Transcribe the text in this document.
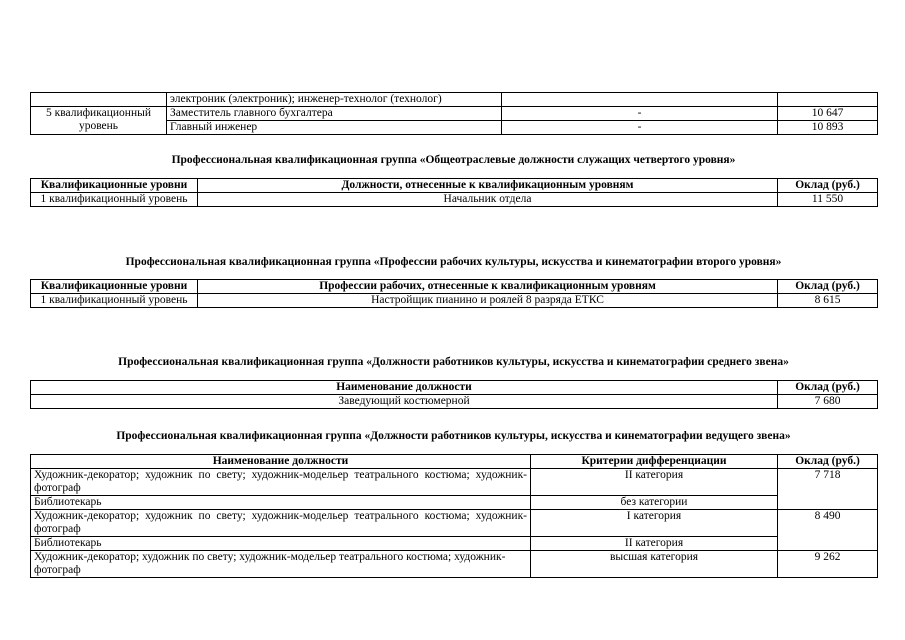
	электроник (электроник); инженер-технолог (технолог)		
5 квалификационный уровень	Заместитель главного бухгалтера	-	10 647
	Главный инженер	-	10 893
Профессиональная квалификационная группа «Общеотраслевые должности служащих четвертого уровня»
Квалификационные уровни	Должности, отнесенные к квалификационным уровням	Оклад (руб.)
1 квалификационный уровень	Начальник отдела	11 550
Профессиональная квалификационная группа «Профессии рабочих культуры, искусства и кинематографии второго уровня»
Квалификационные уровни	Профессии рабочих, отнесенные к квалификационным уровням	Оклад (руб.)
1 квалификационный уровень	Настройщик пианино и роялей 8 разряда ЕТКС	8 615
Профессиональная квалификационная группа «Должности работников культуры, искусства и кинематографии среднего звена»
Наименование должности	Оклад (руб.)
Заведующий костюмерной	7 680
Профессиональная квалификационная группа «Должности работников культуры, искусства и кинематографии ведущего звена»
Наименование должности	Критерии дифференциации	Оклад (руб.)
Художник-декоратор; художник по свету; художник-модельер театрального костюма; художник-фотограф	II категория	7 718
Библиотекарь	без категории	
Художник-декоратор; художник по свету; художник-модельер театрального костюма; художник-фотограф	I категория	8 490
Библиотекарь	II категория	
Художник-декоратор; художник по свету; художник-модельер театрального костюма; художник-фотограф	высшая категория	9 262
